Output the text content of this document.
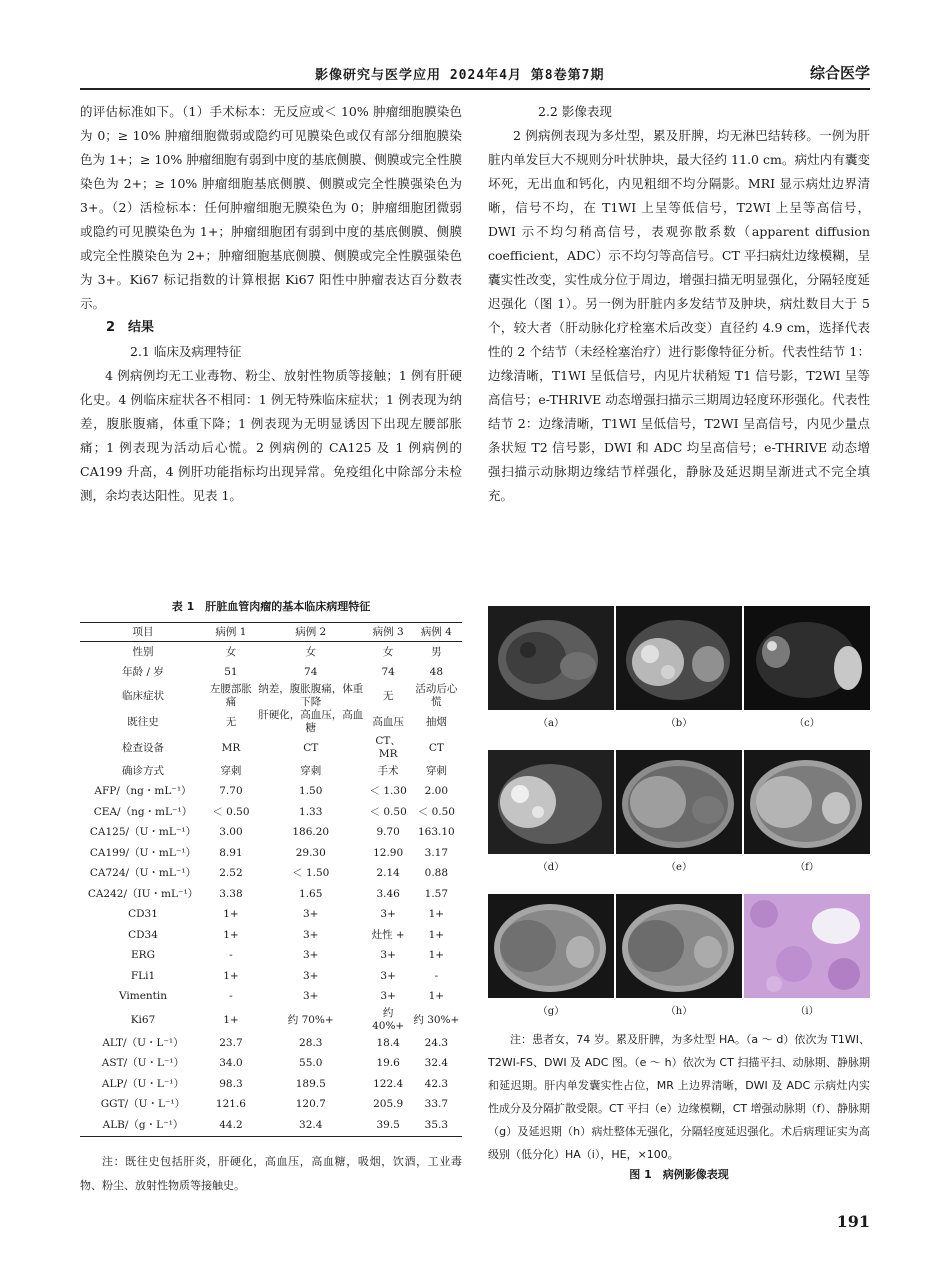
影像研究与医学应用 2024年4月 第8卷第7期	综合医学

的评估标准如下。（1）手术标本：无反应或＜ 10% 肿瘤细胞膜染色为 0；≥ 10% 肿瘤细胞微弱或隐约可见膜染色或仅有部分细胞膜染色为 1+；≥ 10% 肿瘤细胞有弱到中度的基底侧膜、侧膜或完全性膜染色为 2+；≥ 10% 肿瘤细胞基底侧膜、侧膜或完全性膜强染色为 3+。（2）活检标本：任何肿瘤细胞无膜染色为 0；肿瘤细胞团微弱或隐约可见膜染色为 1+；肿瘤细胞团有弱到中度的基底侧膜、侧膜或完全性膜染色为 2+；肿瘤细胞基底侧膜、侧膜或完全性膜强染色为 3+。Ki67 标记指数的计算根据 Ki67 阳性中肿瘤表达百分数表示。

2　结果

2.1 临床及病理特征

4 例病例均无工业毒物、粉尘、放射性物质等接触；1 例有肝硬化史。4 例临床症状各不相同：1 例无特殊临床症状；1 例表现为纳差，腹胀腹痛，体重下降；1 例表现为无明显诱因下出现左腰部胀痛；1 例表现为活动后心慌。2 例病例的 CA125 及 1 例病例的 CA199 升高，4 例肝功能指标均出现异常。免疫组化中除部分未检测，余均表达阳性。见表 1。

表 1　肝脏血管肉瘤的基本临床病理特征
项目	病例 1	病例 2	病例 3	病例 4
性别	女	女	女	男
年龄 / 岁	51	74	74	48
临床症状	左腰部胀痛	纳差，腹胀腹痛，体重下降	无	活动后心慌
既往史	无	肝硬化，高血压，高血糖	高血压	抽烟
检查设备	MR	CT	CT、MR	CT
确诊方式	穿刺	穿刺	手术	穿刺
AFP/（ng・mL⁻¹）	7.70	1.50	＜ 1.30	2.00
CEA/（ng・mL⁻¹）	＜ 0.50	1.33	＜ 0.50	＜ 0.50
CA125/（U・mL⁻¹）	3.00	186.20	9.70	163.10
CA199/（U・mL⁻¹）	8.91	29.30	12.90	3.17
CA724/（U・mL⁻¹）	2.52	＜ 1.50	2.14	0.88
CA242/（IU・mL⁻¹）	3.38	1.65	3.46	1.57
CD31	1+	3+	3+	1+
CD34	1+	3+	灶性 +	1+
ERG	-	3+	3+	1+
FLi1	1+	3+	3+	-
Vimentin	-	3+	3+	1+
Ki67	1+	约 70%+	约 40%+	约 30%+
ALT/（U・L⁻¹）	23.7	28.3	18.4	24.3
AST/（U・L⁻¹）	34.0	55.0	19.6	32.4
ALP/（U・L⁻¹）	98.3	189.5	122.4	42.3
GGT/（U・L⁻¹）	121.6	120.7	205.9	33.7
ALB/（g・L⁻¹）	44.2	32.4	39.5	35.3
注：既往史包括肝炎，肝硬化，高血压，高血糖，吸烟，饮酒，工业毒物、粉尘、放射性物质等接触史。

2.2 影像表现

2 例病例表现为多灶型，累及肝脾，均无淋巴结转移。一例为肝脏内单发巨大不规则分叶状肿块，最大径约 11.0 cm。病灶内有囊变坏死，无出血和钙化，内见粗细不均分隔影。MRI 显示病灶边界清晰，信号不均，在 T1WI 上呈等低信号，T2WI 上呈等高信号，DWI 示不均匀稍高信号，表观弥散系数（apparent diffusion coefficient，ADC）示不均匀等高信号。CT 平扫病灶边缘模糊，呈囊实性改变，实性成分位于周边，增强扫描无明显强化，分隔轻度延迟强化（图 1）。另一例为肝脏内多发结节及肿块，病灶数目大于 5 个，较大者（肝动脉化疗栓塞术后改变）直径约 4.9 cm，选择代表性的 2 个结节（未经栓塞治疗）进行影像特征分析。代表性结节 1：边缘清晰，T1WI 呈低信号，内见片状稍短 T1 信号影，T2WI 呈等高信号；e-THRIVE 动态增强扫描示三期周边轻度环形强化。代表性结节 2：边缘清晰，T1WI 呈低信号，T2WI 呈高信号，内见少量点条状短 T2 信号影，DWI 和 ADC 均呈高信号；e-THRIVE 动态增强扫描示动脉期边缘结节样强化，静脉及延迟期呈渐进式不完全填充。

（a）	（b）	（c）
（d）	（e）	（f）
（g）	（h）	（i）
注：患者女，74 岁。累及肝脾，为多灶型 HA。（a ～ d）依次为 T1WI、T2WI-FS、DWI 及 ADC 图。（e ～ h）依次为 CT 扫描平扫、动脉期、静脉期和延迟期。肝内单发囊实性占位，MR 上边界清晰，DWI 及 ADC 示病灶内实性成分及分隔扩散受限。CT 平扫（e）边缘模糊，CT 增强动脉期（f）、静脉期（g）及延迟期（h）病灶整体无强化，分隔轻度延迟强化。术后病理证实为高级别（低分化）HA（i），HE，×100。
图 1　病例影像表现
191
